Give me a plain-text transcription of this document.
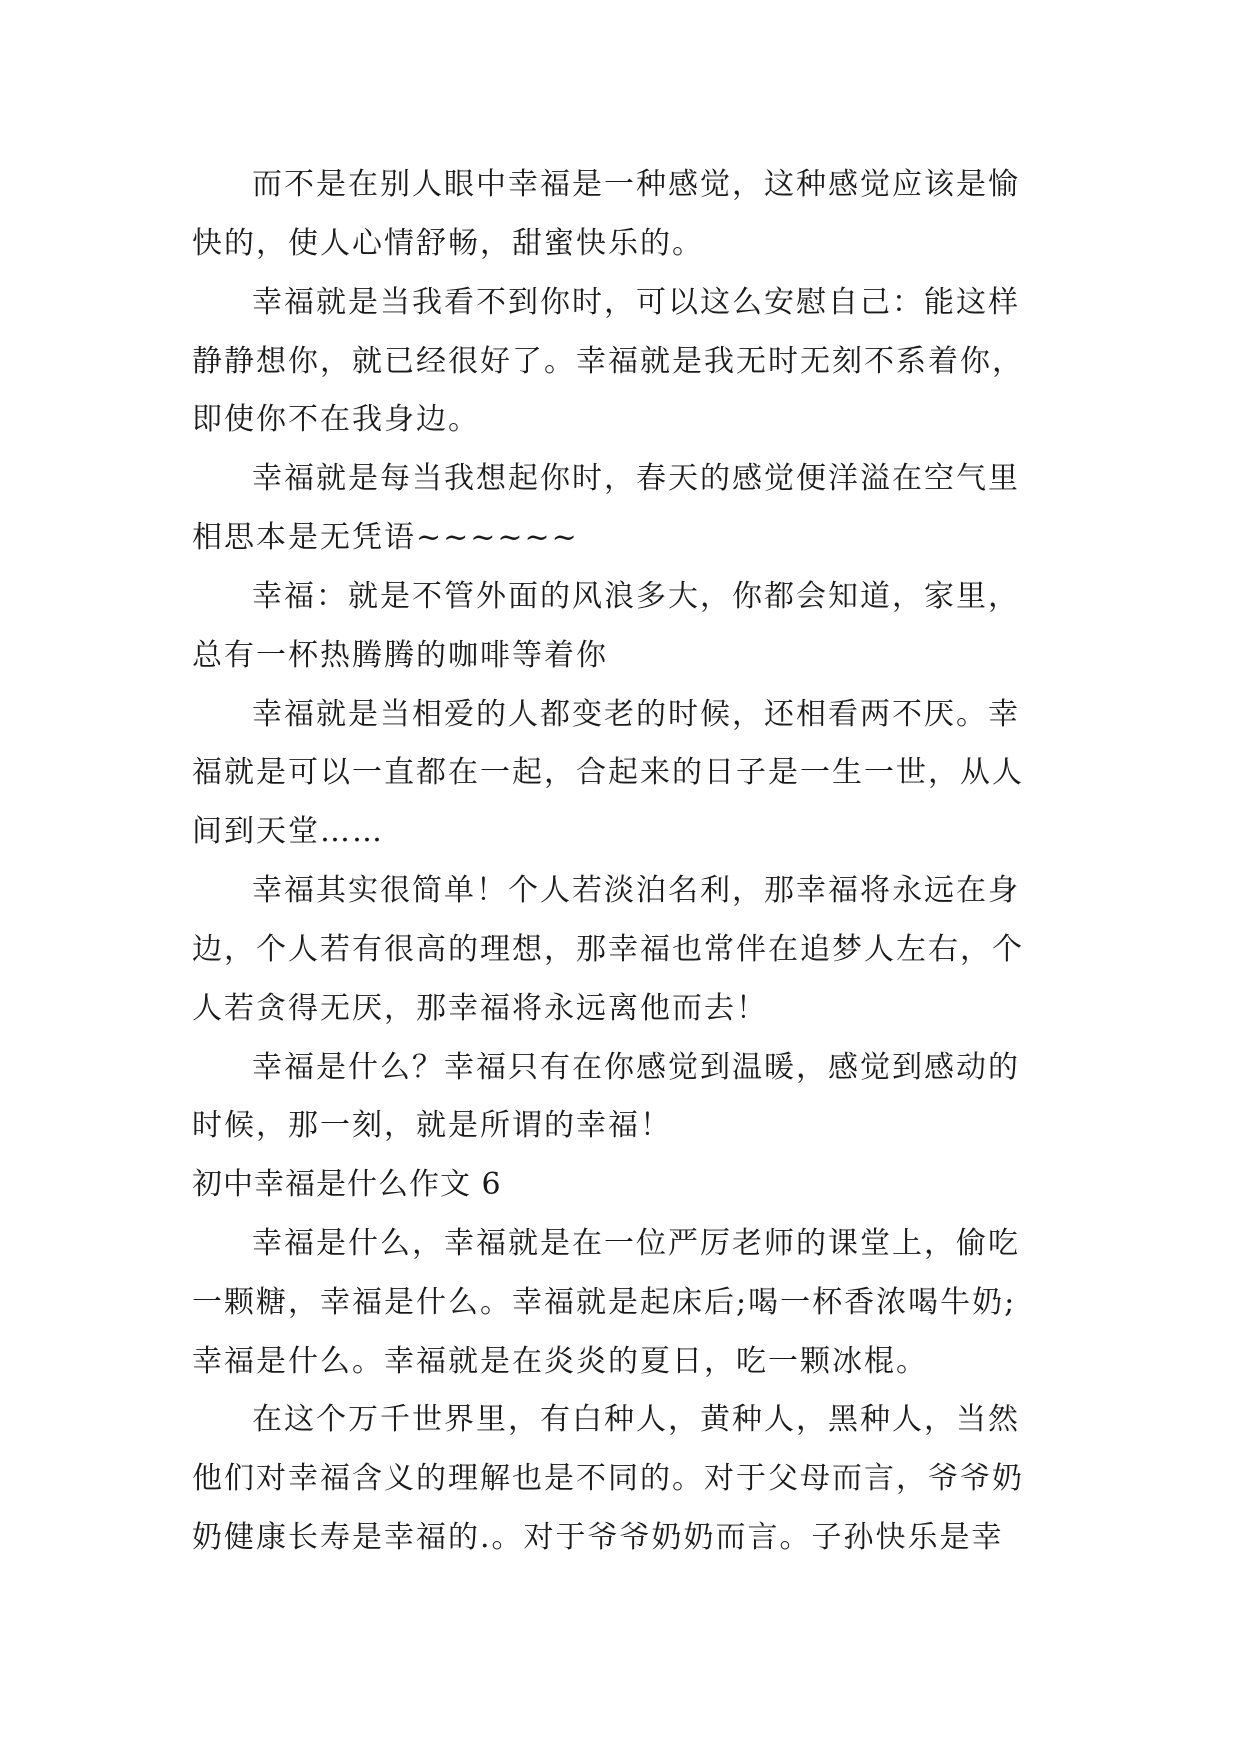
而不是在别人眼中幸福是一种感觉，这种感觉应该是愉
快的，使人心情舒畅，甜蜜快乐的。
幸福就是当我看不到你时，可以这么安慰自己：能这样
静静想你，就已经很好了。幸福就是我无时无刻不系着你，
即使你不在我身边。
幸福就是每当我想起你时，春天的感觉便洋溢在空气里
相思本是无凭语~~~~~~
幸福：就是不管外面的风浪多大，你都会知道，家里，
总有一杯热腾腾的咖啡等着你
幸福就是当相爱的人都变老的时候，还相看两不厌。幸
福就是可以一直都在一起，合起来的日子是一生一世，从人
间到天堂……
幸福其实很简单！个人若淡泊名利，那幸福将永远在身
边，个人若有很高的理想，那幸福也常伴在追梦人左右，个
人若贪得无厌，那幸福将永远离他而去！
幸福是什么？幸福只有在你感觉到温暖，感觉到感动的
时候，那一刻，就是所谓的幸福！
初中幸福是什么作文 6
幸福是什么，幸福就是在一位严厉老师的课堂上，偷吃
一颗糖，幸福是什么。幸福就是起床后;喝一杯香浓喝牛奶;
幸福是什么。幸福就是在炎炎的夏日，吃一颗冰棍。
在这个万千世界里，有白种人，黄种人，黑种人，当然
他们对幸福含义的理解也是不同的。对于父母而言，爷爷奶
奶健康长寿是幸福的.。对于爷爷奶奶而言。子孙快乐是幸
